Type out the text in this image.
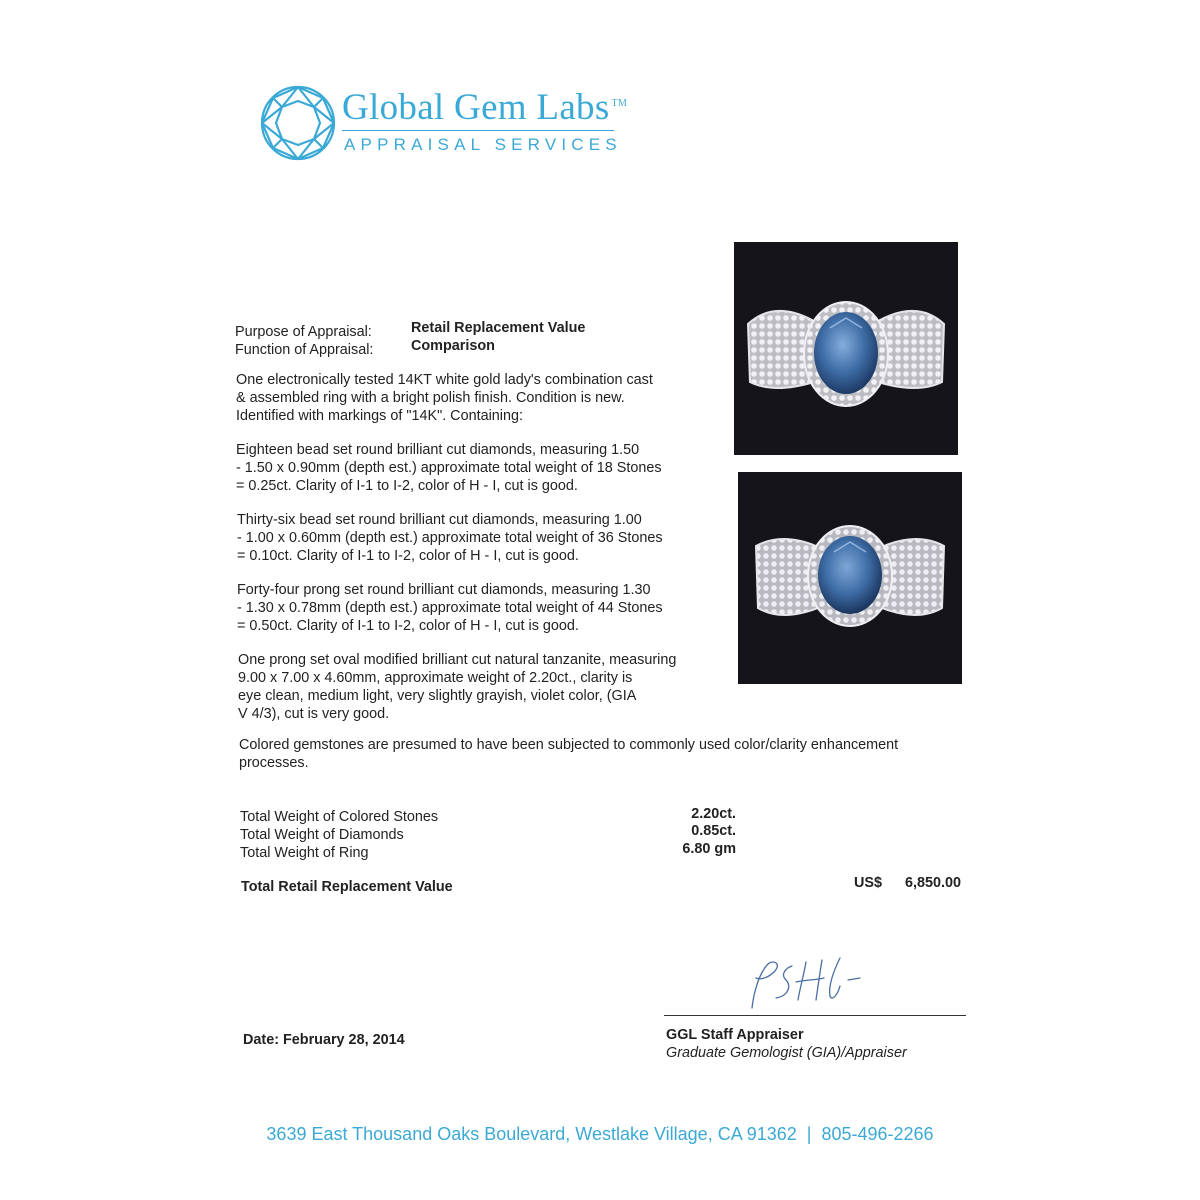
Global Gem Labs ™
APPRAISAL SERVICES
Purpose of Appraisal:	Retail Replacement Value
Function of Appraisal:	Comparison
One electronically tested 14KT white gold lady's combination cast
& assembled ring with a bright polish finish. Condition is new.
Identified with markings of "14K". Containing:
Eighteen bead set round brilliant cut diamonds, measuring 1.50
- 1.50 x 0.90mm (depth est.) approximate total weight of 18 Stones
= 0.25ct. Clarity of I-1 to I-2, color of H - I, cut is good.
Thirty-six bead set round brilliant cut diamonds, measuring 1.00
- 1.00 x 0.60mm (depth est.) approximate total weight of 36 Stones
= 0.10ct. Clarity of I-1 to I-2, color of H - I, cut is good.
Forty-four prong set round brilliant cut diamonds, measuring 1.30
- 1.30 x 0.78mm (depth est.) approximate total weight of 44 Stones
= 0.50ct. Clarity of I-1 to I-2, color of H - I, cut is good.
One prong set oval modified brilliant cut natural tanzanite, measuring
9.00 x 7.00 x 4.60mm, approximate weight of 2.20ct., clarity is
eye clean, medium light, very slightly grayish, violet color, (GIA
V 4/3), cut is very good.
Colored gemstones are presumed to have been subjected to commonly used color/clarity enhancement
processes.
Total Weight of Colored Stones	2.20ct.
Total Weight of Diamonds	0.85ct.
Total Weight of Ring	6.80 gm
Total Retail Replacement Value	US$ 6,850.00
Date: February 28, 2014	GGL Staff Appraiser
Graduate Gemologist (GIA)/Appraiser
3639 East Thousand Oaks Boulevard, Westlake Village, CA 91362 | 805-496-2266
